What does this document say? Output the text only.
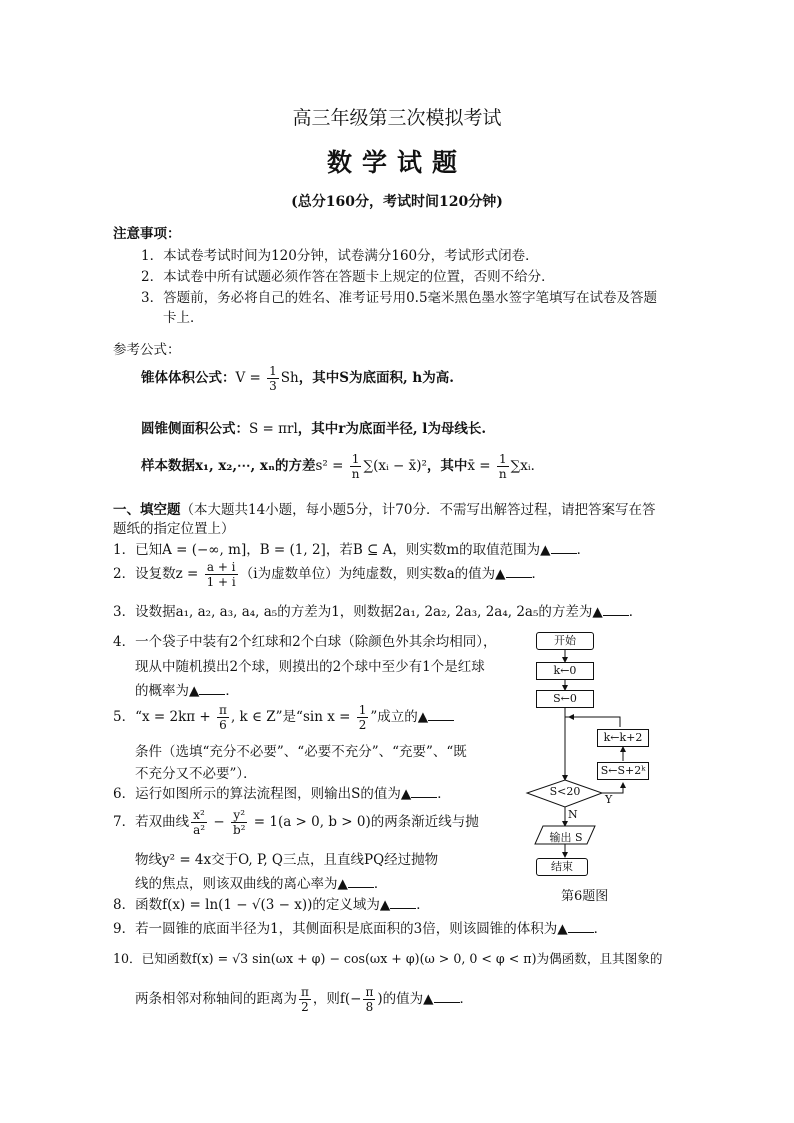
高三年级第三次模拟考试
数学试题
(总分160分，考试时间120分钟)
注意事项：
1．本试卷考试时间为120分钟，试卷满分160分，考试形式闭卷．
2．本试卷中所有试题必须作答在答题卡上规定的位置，否则不给分．
3．答题前，务必将自己的姓名、准考证号用0.5毫米黑色墨水签字笔填写在试卷及答题
卡上．
参考公式：
锥体体积公式：$V = \frac{1}{3}$ Sh，其中S为底面积, h为高.
圆锥侧面积公式：S = πrl，其中r为底面半径, l为母线长.
样本数据x₁, x₂,⋯, xₙ的方差$s^2 = \frac{1}{n}$ ∑(xᵢ − x̄)²，其中x̄ = $\frac{1}{n}$ ∑xᵢ．
一、填空题（本大题共14小题，每小题5分，计70分．不需写出解答过程，请把答案写在答
题纸的指定位置上）
1．已知A = (−∞, m]，B = (1, 2]，若B ⊆ A，则实数m的取值范围为▲ ．
2．设复数$z = \frac{a + i}{1 + i} (i$为虚数单位）为纯虚数，则实数a的值为▲ ．
3．设数据a₁, a₂, a₃, a₄, a₅的方差为1，则数据2a₁, 2a₂, 2a₃, 2a₄, 2a₅的方差为▲ ．
4．一个袋子中装有2个红球和2个白球（除颜色外其余均相同），
现从中随机摸出2个球，则摸出的2个球中至少有1个是红球
的概率为▲ ．
5．“$x = 2k\pi + \frac{\pi}{6}$ , k ∈ Z”是“sin $x = \frac{1}{2}$ ”成立的▲
条件（选填“充分不必要”、“必要不充分”、“充要”、“既
不充分又不必要”）．
6．运行如图所示的算法流程图，则输出S的值为▲ ．
7．若双曲线 $\frac{\text{x²}}{\text{a²}} - \frac{\text{y²}}{\text{b²}} = 1(a > 0$, b > 0)的两条渐近线与抛
物线y² = 4x交于O, P, Q三点，且直线PQ经过抛物
线的焦点，则该双曲线的离心率为▲ ．
8．函数f(x) = ln(1 − √(3 − x))的定义域为▲ ．
9．若一圆锥的底面半径为1，其侧面积是底面积的3倍，则该圆锥的体积为▲ ．
10．已知函数f(x) = √3 sin(ωx + φ) − cos(ωx + φ)(ω > 0, 0 < φ < π)为偶函数，且其图象的
两条相邻对称轴间的距离为 $\frac{\pi}{2}$ ，则$f(- \frac{\pi}{8}$ )的值为▲ ．
开始
k←0
S←0
k←k+2
S←S+2ᵏ
S<20
Y
N
输出 S
结束
第6题图
